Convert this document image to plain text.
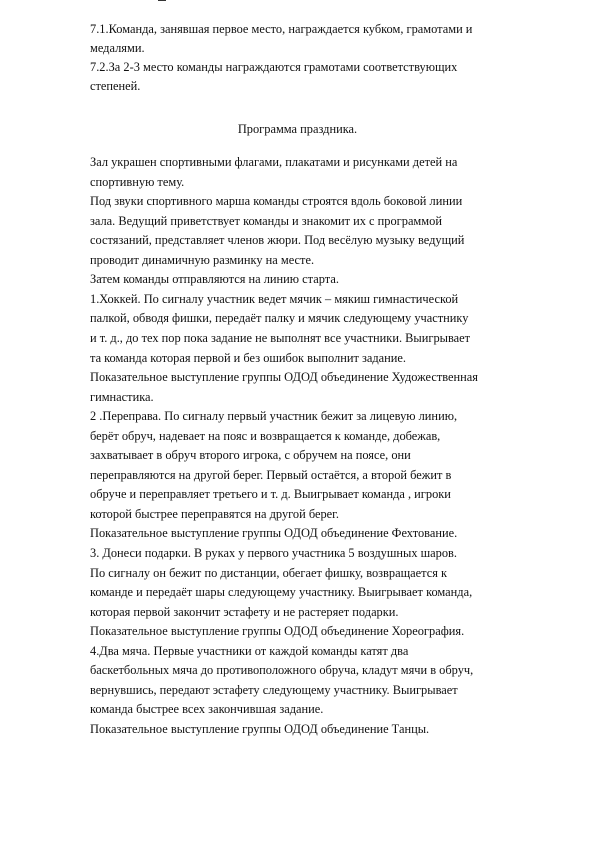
7.1.Команда, занявшая первое место, награждается кубком, грамотами и
медалями.
7.2.За 2-3 место команды награждаются грамотами соответствующих
степеней.
Программа праздника.
Зал украшен спортивными флагами, плакатами и рисунками детей на
спортивную тему.
Под звуки спортивного марша команды строятся вдоль боковой линии
зала. Ведущий приветствует команды и знакомит их с программой
состязаний, представляет членов жюри. Под весёлую музыку ведущий
проводит динамичную разминку на месте.
Затем команды отправляются на линию старта.
1.Хоккей. По сигналу участник ведет мячик – мякиш гимнастической
палкой, обводя фишки, передаёт палку и мячик следующему участнику
и т. д., до тех пор пока задание не выполнят все участники. Выигрывает
та команда которая первой и без ошибок выполнит задание.
Показательное выступление группы ОДОД объединение Художественная
гимнастика.
2 .Переправа. По сигналу первый участник бежит за лицевую линию,
берёт обруч, надевает на пояс и возвращается к команде, добежав,
захватывает в обруч второго игрока, с обручем на поясе, они
переправляются на другой берег. Первый остаётся, а второй бежит в
обруче и переправляет третьего и т. д. Выигрывает команда , игроки
которой быстрее переправятся на другой берег.
Показательное выступление группы ОДОД объединение Фехтование.
3. Донеси подарки. В руках у первого участника 5 воздушных шаров.
По сигналу он бежит по дистанции, обегает фишку, возвращается к
команде и передаёт шары следующему участнику. Выигрывает команда,
которая первой закончит эстафету и не растеряет подарки.
Показательное выступление группы ОДОД объединение Хореография.
4.Два мяча. Первые участники от каждой команды катят два
баскетбольных мяча до противоположного обруча, кладут мячи в обруч,
вернувшись, передают эстафету следующему участнику. Выигрывает
команда быстрее всех закончившая задание.
Показательное выступление группы ОДОД объединение Танцы.
